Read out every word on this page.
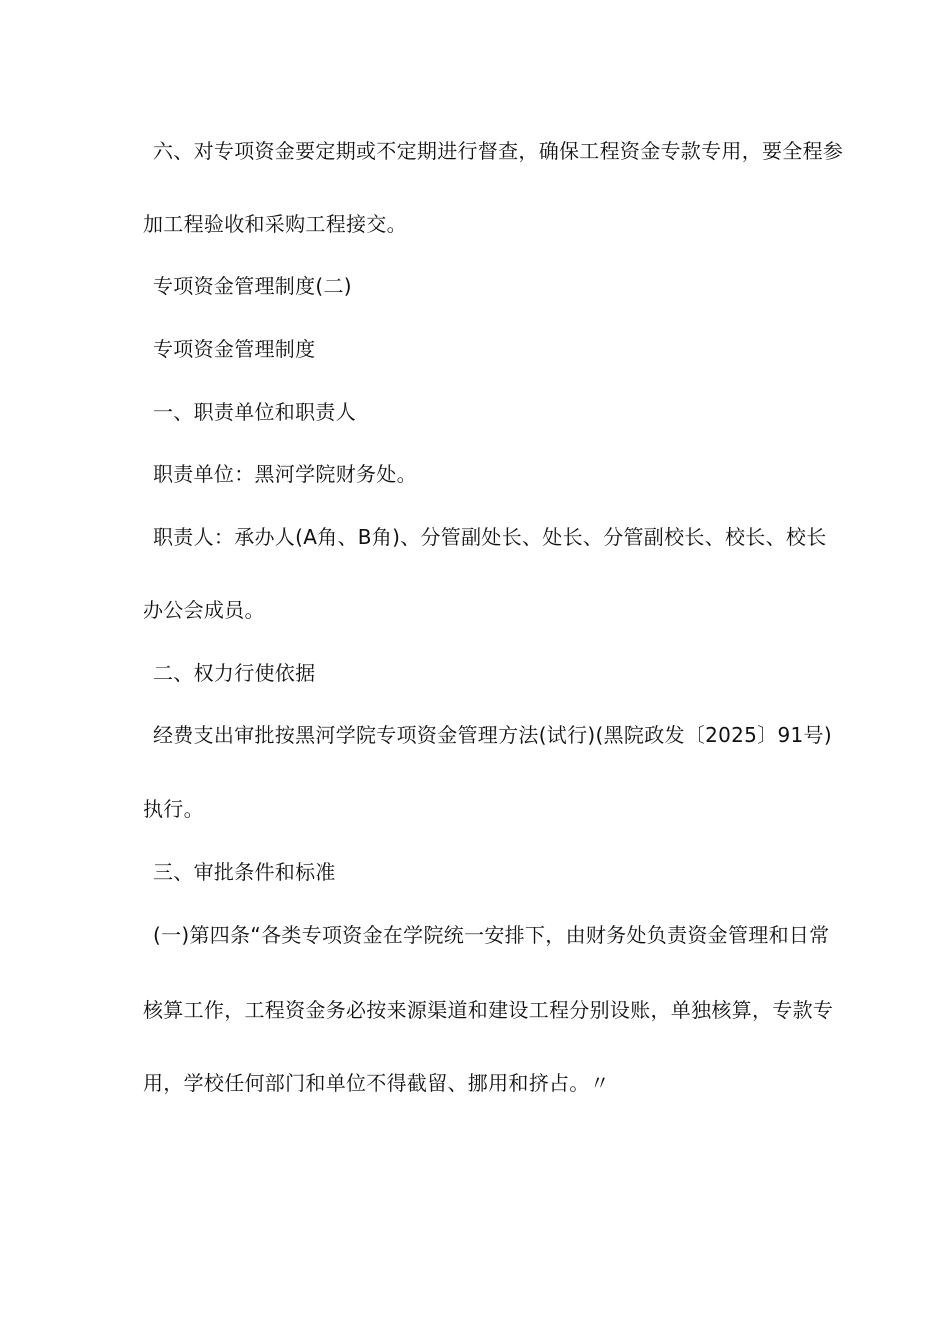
六、对专项资金要定期或不定期进行督查，确保工程资金专款专用，要全程参
加工程验收和采购工程接交。
专项资金管理制度(二)
专项资金管理制度
一、职责单位和职责人
职责单位：黑河学院财务处。
职责人：承办人(A角、B角)、分管副处长、处长、分管副校长、校长、校长
办公会成员。
二、权力行使依据
经费支出审批按黑河学院专项资金管理方法(试行)(黑院政发〔2025〕91号)
执行。
三、审批条件和标准
(一)第四条“各类专项资金在学院统一安排下，由财务处负责资金管理和日常
核算工作，工程资金务必按来源渠道和建设工程分别设账，单独核算，专款专
用，学校任何部门和单位不得截留、挪用和挤占。〃
